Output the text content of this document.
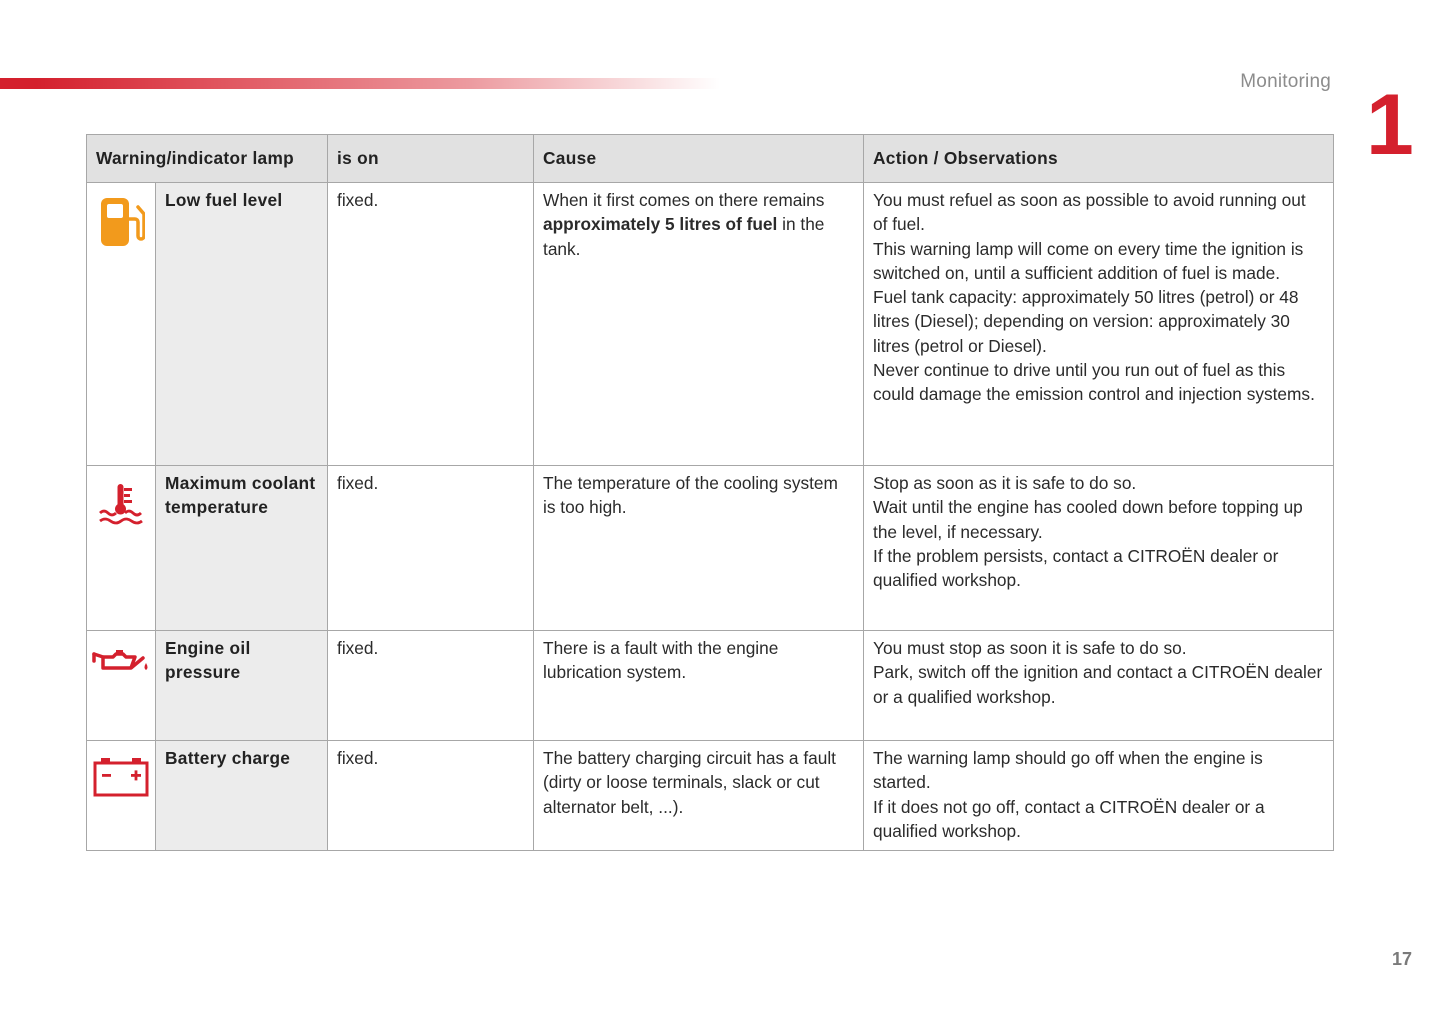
Monitoring 1
Warning/indicator lamp		is on	Cause	Action / Observations
	Low fuel level	fixed.	When it first comes on there remains approximately 5 litres of fuel in the tank.	You must refuel as soon as possible to avoid running out of fuel.
This warning lamp will come on every time the ignition is switched on, until a sufficient addition of fuel is made.
Fuel tank capacity: approximately 50 litres (petrol) or 48 litres (Diesel); depending on version: approximately 30 litres (petrol or Diesel).
Never continue to drive until you run out of fuel as this could damage the emission control and injection systems.
	Maximum coolant temperature	fixed.	The temperature of the cooling system is too high.	Stop as soon as it is safe to do so.
Wait until the engine has cooled down before topping up the level, if necessary.
If the problem persists, contact a CITROËN dealer or qualified workshop.
	Engine oil pressure	fixed.	There is a fault with the engine lubrication system.	You must stop as soon it is safe to do so.
Park, switch off the ignition and contact a CITROËN dealer or a qualified workshop.
	Battery charge	fixed.	The battery charging circuit has a fault (dirty or loose terminals, slack or cut alternator belt, ...).	The warning lamp should go off when the engine is started.
If it does not go off, contact a CITROËN dealer or a qualified workshop.
17
